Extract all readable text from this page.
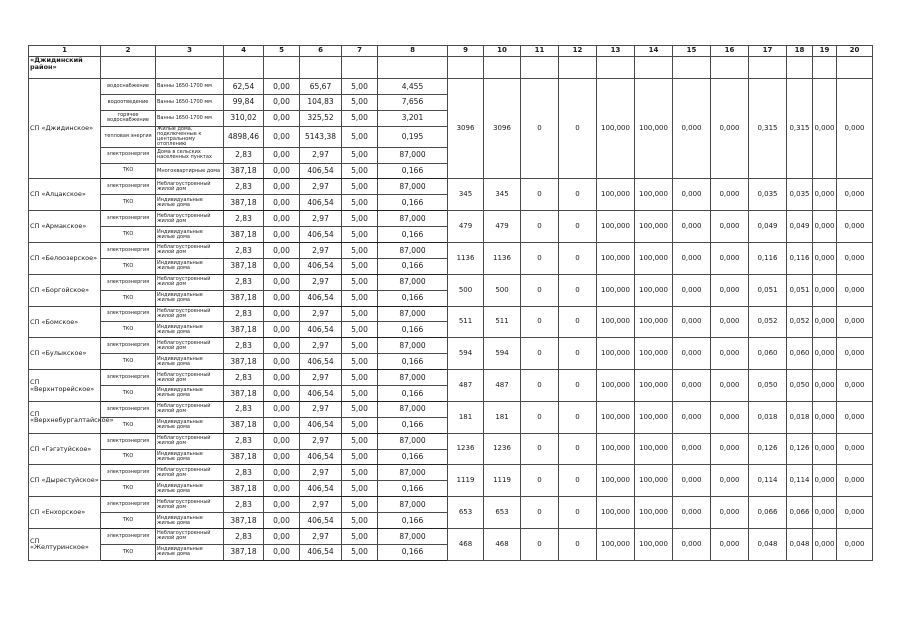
1	2	3	4	5	6	7	8	9	10	11	12	13	14	15	16	17	18	19	20
«Джидинский район»																			
СП «Джидинское»	водоснабжение	Ванны 1650-1700 мм	62,54	0,00	65,67	5,00	4,455	3096	3096	0	0	100,000	100,000	0,000	0,000	0,315	0,315	0,000	0,000
	водоотведение	Ванны 1650-1700 мм	99,84	0,00	104,83	5,00	7,656												
	горячее водоснабжение	Ванны 1650-1700 мм	310,02	0,00	325,52	5,00	3,201												
	тепловая энергия	Жилые дома, подключенные к центральному отоплению	4898,46	0,00	5143,38	5,00	0,195												
	электроэнергия	Дома в сельских населенных пунктах	2,83	0,00	2,97	5,00	87,000												
	ТКО	Многоквартирные дома	387,18	0,00	406,54	5,00	0,166												
СП «Алцакское»	электроэнергия	Неблагоустроенный жилой дом	2,83	0,00	2,97	5,00	87,000	345	345	0	0	100,000	100,000	0,000	0,000	0,035	0,035	0,000	0,000
	ТКО	Индивидуальные жилые дома	387,18	0,00	406,54	5,00	0,166												
СП «Армакское»	электроэнергия	Неблагоустроенный жилой дом	2,83	0,00	2,97	5,00	87,000	479	479	0	0	100,000	100,000	0,000	0,000	0,049	0,049	0,000	0,000
	ТКО	Индивидуальные жилые дома	387,18	0,00	406,54	5,00	0,166												
СП «Белоозерское»	электроэнергия	Неблагоустроенный жилой дом	2,83	0,00	2,97	5,00	87,000	1136	1136	0	0	100,000	100,000	0,000	0,000	0,116	0,116	0,000	0,000
	ТКО	Индивидуальные жилые дома	387,18	0,00	406,54	5,00	0,166												
СП «Боргойское»	электроэнергия	Неблагоустроенный жилой дом	2,83	0,00	2,97	5,00	87,000	500	500	0	0	100,000	100,000	0,000	0,000	0,051	0,051	0,000	0,000
	ТКО	Индивидуальные жилые дома	387,18	0,00	406,54	5,00	0,166												
СП «Бомское»	электроэнергия	Неблагоустроенный жилой дом	2,83	0,00	2,97	5,00	87,000	511	511	0	0	100,000	100,000	0,000	0,000	0,052	0,052	0,000	0,000
	ТКО	Индивидуальные жилые дома	387,18	0,00	406,54	5,00	0,166												
СП «Булыкское»	электроэнергия	Неблагоустроенный жилой дом	2,83	0,00	2,97	5,00	87,000	594	594	0	0	100,000	100,000	0,000	0,000	0,060	0,060	0,000	0,000
	ТКО	Индивидуальные жилые дома	387,18	0,00	406,54	5,00	0,166												
СП «Верхнторейское»	электроэнергия	Неблагоустроенный жилой дом	2,83	0,00	2,97	5,00	87,000	487	487	0	0	100,000	100,000	0,000	0,000	0,050	0,050	0,000	0,000
	ТКО	Индивидуальные жилые дома	387,18	0,00	406,54	5,00	0,166												
СП «Верхнебургалтайское»	электроэнергия	Неблагоустроенный жилой дом	2,83	0,00	2,97	5,00	87,000	181	181	0	0	100,000	100,000	0,000	0,000	0,018	0,018	0,000	0,000
	ТКО	Индивидуальные жилые дома	387,18	0,00	406,54	5,00	0,166												
СП «Гэгэтуйское»	электроэнергия	Неблагоустроенный жилой дом	2,83	0,00	2,97	5,00	87,000	1236	1236	0	0	100,000	100,000	0,000	0,000	0,126	0,126	0,000	0,000
	ТКО	Индивидуальные жилые дома	387,18	0,00	406,54	5,00	0,166												
СП «Дырестуйское»	электроэнергия	Неблагоустроенный жилой дом	2,83	0,00	2,97	5,00	87,000	1119	1119	0	0	100,000	100,000	0,000	0,000	0,114	0,114	0,000	0,000
	ТКО	Индивидуальные жилые дома	387,18	0,00	406,54	5,00	0,166												
СП «Енхорское»	электроэнергия	Неблагоустроенный жилой дом	2,83	0,00	2,97	5,00	87,000	653	653	0	0	100,000	100,000	0,000	0,000	0,066	0,066	0,000	0,000
	ТКО	Индивидуальные жилые дома	387,18	0,00	406,54	5,00	0,166												
СП «Желтуринское»	электроэнергия	Неблагоустроенный жилой дом	2,83	0,00	2,97	5,00	87,000	468	468	0	0	100,000	100,000	0,000	0,000	0,048	0,048	0,000	0,000
	ТКО	Индивидуальные жилые дома	387,18	0,00	406,54	5,00	0,166												
